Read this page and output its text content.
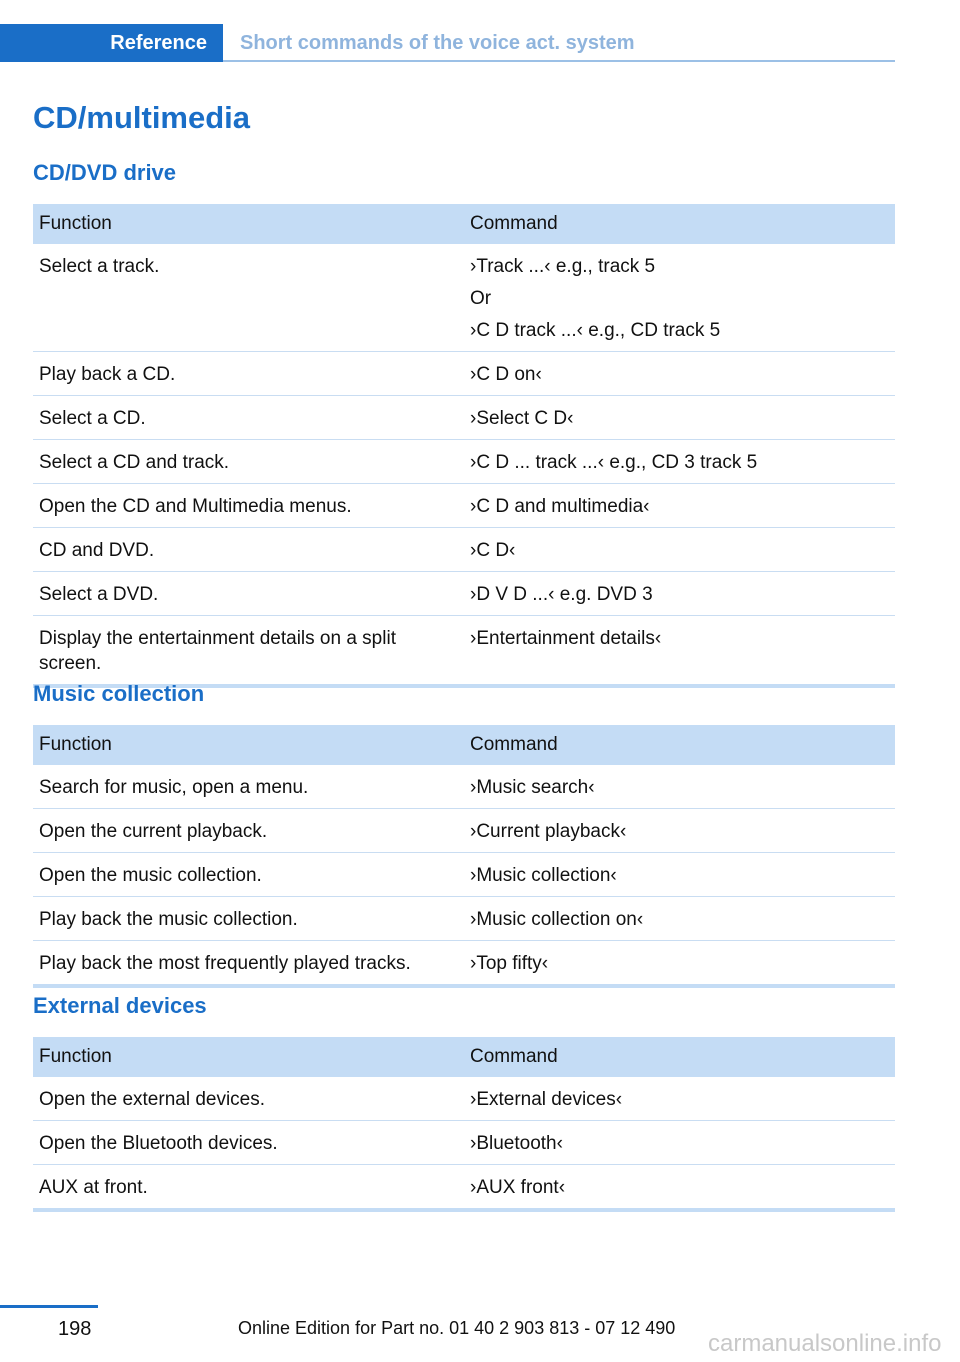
Reference	Short commands of the voice act. system
CD/multimedia
CD/DVD drive
Function	Command
Select a track.	›Track ...‹ e.g., track 5

Or

›C D track ...‹ e.g., CD track 5

Play back a CD.	›C D on‹
Select a CD.	›Select C D‹
Select a CD and track.	›C D ... track ...‹ e.g., CD 3 track 5
Open the CD and Multimedia menus.	›C D and multimedia‹
CD and DVD.	›C D‹
Select a DVD.	›D V D ...‹ e.g. DVD 3
Display the entertainment details on a split screen.	›Entertainment details‹
Music collection
Function	Command
Search for music, open a menu.	›Music search‹
Open the current playback.	›Current playback‹
Open the music collection.	›Music collection‹
Play back the music collection.	›Music collection on‹
Play back the most frequently played tracks.	›Top fifty‹
External devices
Function	Command
Open the external devices.	›External devices‹
Open the Bluetooth devices.	›Bluetooth‹
AUX at front.	›AUX front‹
198	Online Edition for Part no. 01 40 2 903 813 - 07 12 490
carmanualsonline.info
